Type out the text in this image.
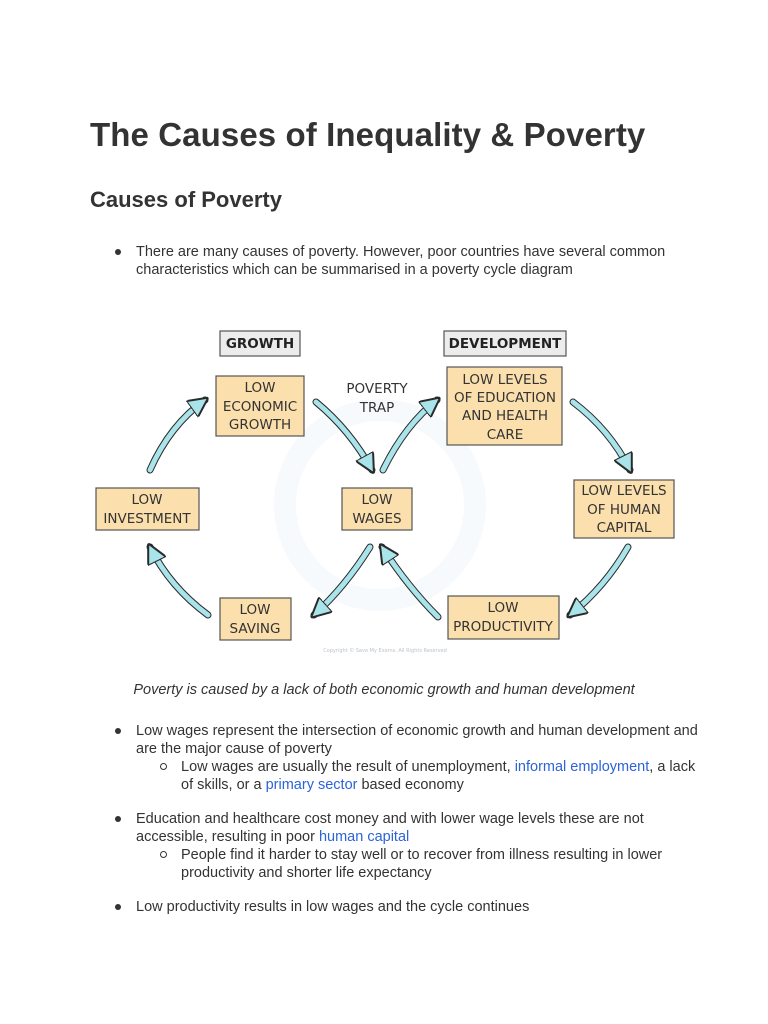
The Causes of Inequality & Poverty
Causes of Poverty
There are many causes of poverty. However, poor countries have several common characteristics which can be summarised in a poverty cycle diagram
GROWTH	DEVELOPMENT
POVERTY
TRAP
LOW
ECONOMIC
GROWTH
LOW LEVELS
OF EDUCATION
AND HEALTH
CARE
LOW
INVESTMENT
LOW
WAGES
LOW LEVELS
OF HUMAN
CAPITAL
LOW
SAVING
LOW
PRODUCTIVITY
Copyright © Save My Exams. All Rights Reserved
Poverty is caused by a lack of both economic growth and human development
Low wages represent the intersection of economic growth and human development and are the major cause of poverty
Low wages are usually the result of unemployment, informal employment, a lack of skills, or a primary sector based economy
Education and healthcare cost money and with lower wage levels these are not accessible, resulting in poor human capital
People find it harder to stay well or to recover from illness resulting in lower productivity and shorter life expectancy
Low productivity results in low wages and the cycle continues
